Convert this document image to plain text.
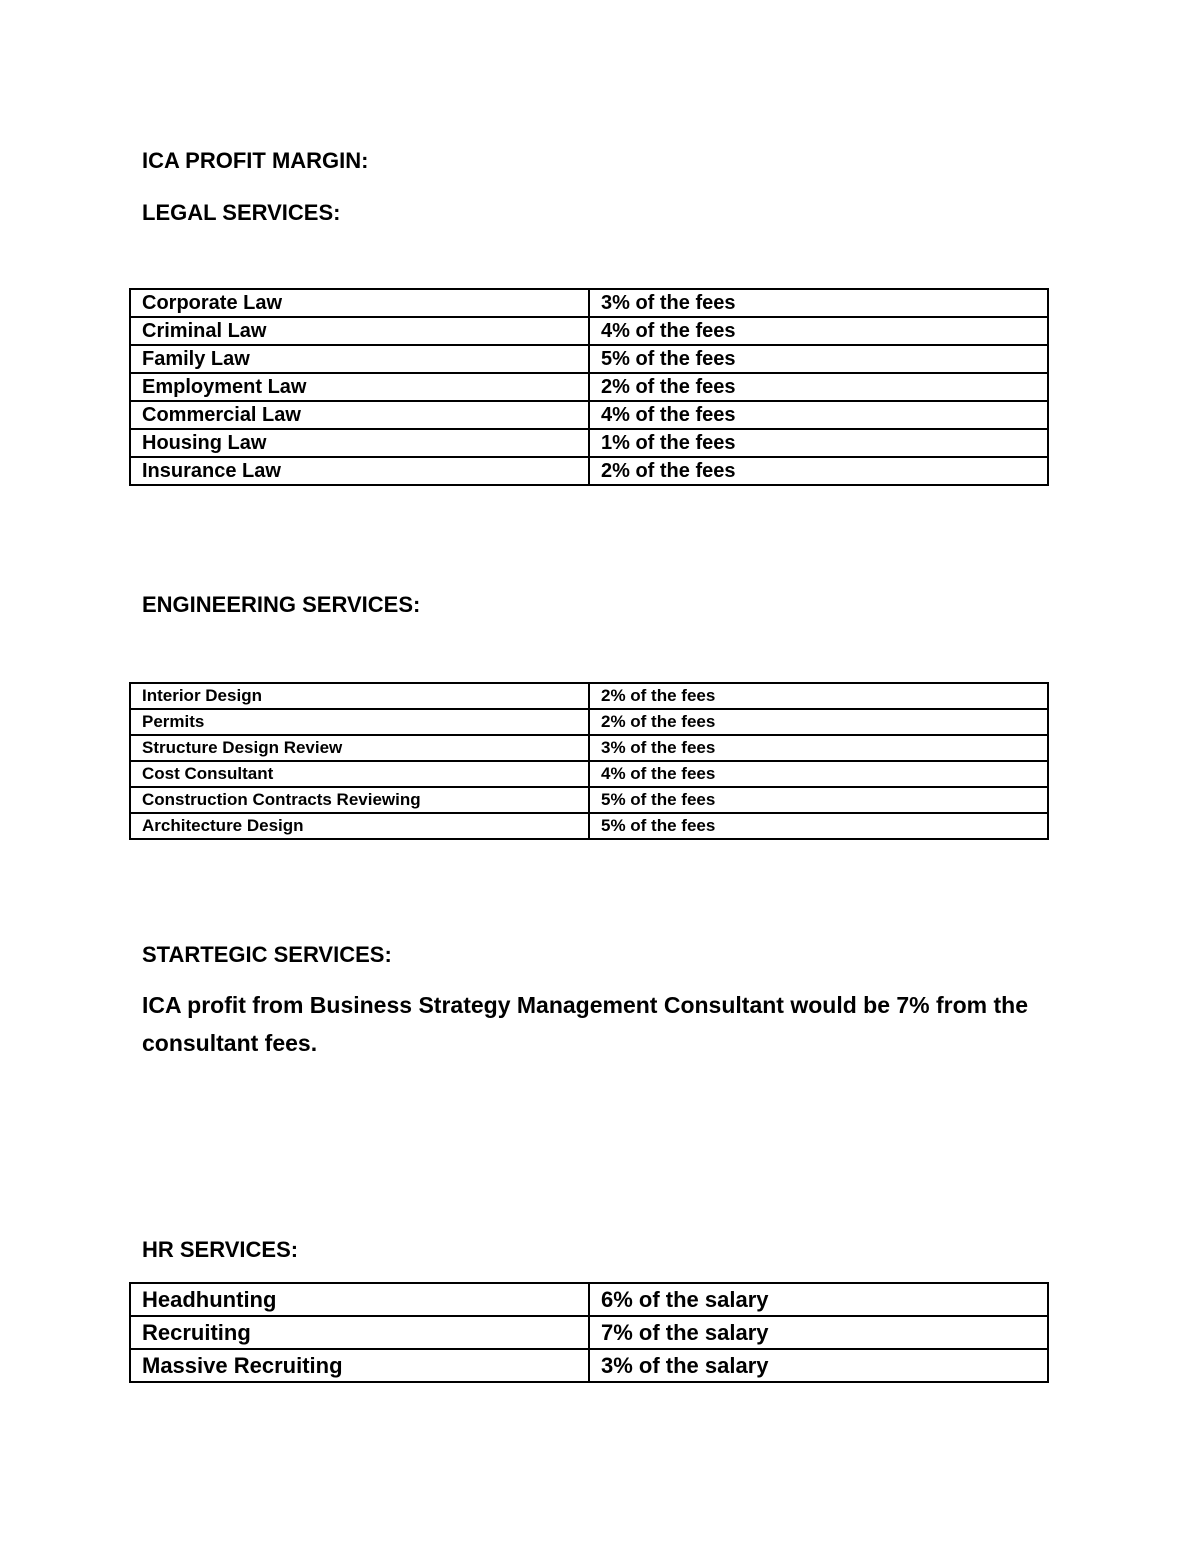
ICA PROFIT MARGIN:
LEGAL SERVICES:
Corporate Law	3% of the fees
Criminal Law	4% of the fees
Family Law	5% of the fees
Employment Law	2% of the fees
Commercial Law	4% of the fees
Housing Law	1% of the fees
Insurance Law	2% of the fees
ENGINEERING SERVICES:
Interior Design	2% of the fees
Permits	2% of the fees
Structure Design Review	3% of the fees
Cost Consultant	4% of the fees
Construction Contracts Reviewing	5% of the fees
Architecture Design	5% of the fees
STARTEGIC SERVICES:

ICA profit from Business Strategy Management Consultant would be 7% from the consultant fees.

HR SERVICES:
Headhunting	6% of the salary
Recruiting	7% of the salary
Massive Recruiting	3% of the salary
